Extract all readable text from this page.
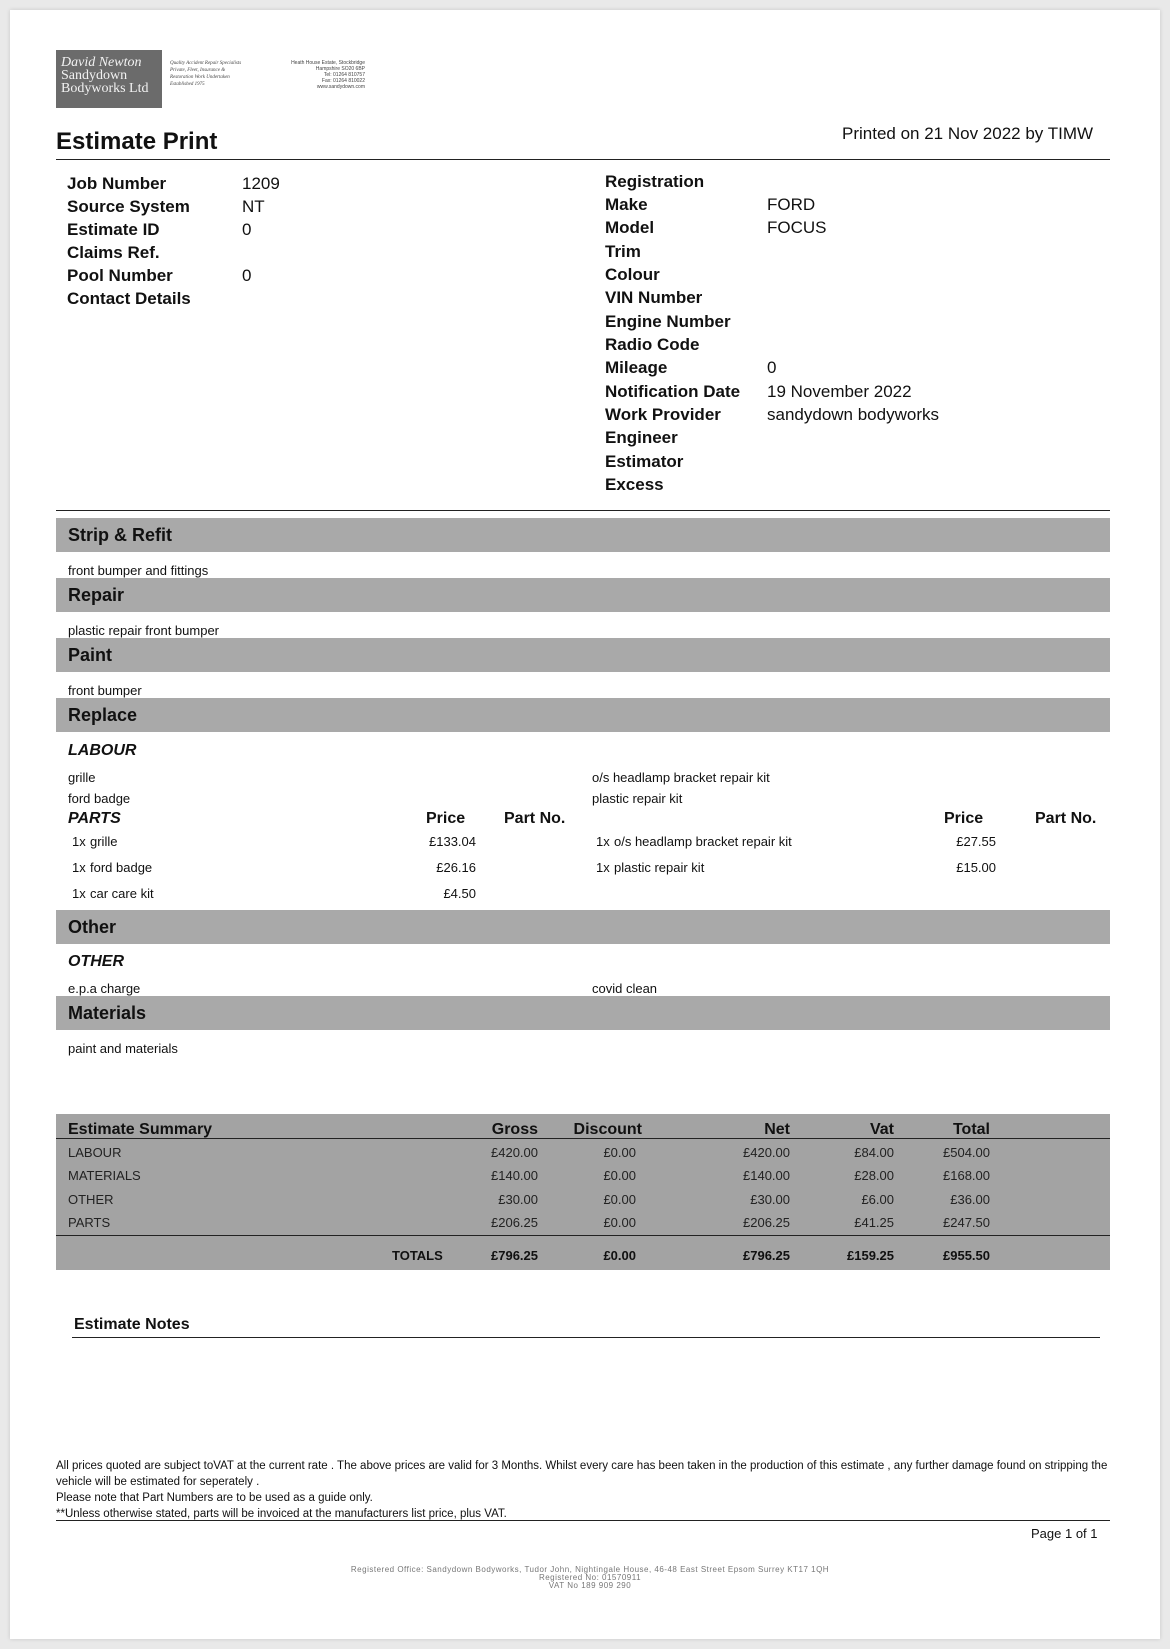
David Newton
Sandydown
Bodyworks Ltd
Quality Accident Repair Specialists
Private, Fleet, Insurance &
Restoration Work Undertaken
Established 1975
Heath House Estate, Stockbridge
Hampshire SO20 6BP
Tel: 01264 810757
Fax: 01264 810022
www.sandydown.com
Estimate Print	Printed on 21 Nov 2022 by TIMW
Job Number	1209
Source System	NT
Estimate ID	0
Claims Ref.
Pool Number	0
Contact Details
Registration
Make	FORD
Model	FOCUS
Trim
Colour
VIN Number
Engine Number
Radio Code
Mileage	0
Notification Date 19 November 2022
Work Provider	sandydown bodyworks
Engineer
Estimator
Excess
Strip & Refit
front bumper and fittings
Repair
plastic repair front bumper
Paint
front bumper
Replace
LABOUR
grille
ford badge
o/s headlamp bracket repair kit
plastic repair kit
PARTS	Price Part No.	Price	Part No.
1x grille	£133.04
1x ford badge	£26.16
1x car care kit	£4.50
1x o/s headlamp bracket repair kit	£27.55
1x plastic repair kit	£15.00
Other
OTHER
e.p.a charge	covid clean
Materials
paint and materials
Estimate Summary	Gross	Discount	Net	Vat	Total
LABOUR	£420.00	£0.00	£420.00	£84.00	£504.00
MATERIALS	£140.00	£0.00	£140.00	£28.00	£168.00
OTHER	£30.00	£0.00	£30.00	£6.00	£36.00
PARTS	£206.25	£0.00	£206.25	£41.25	£247.50
TOTALS	£796.25	£0.00	£796.25	£159.25	£955.50
Estimate Notes
All prices quoted are subject toVAT at the current rate . The above prices are valid for 3 Months. Whilst every care has been taken in the production of this estimate , any further damage found on stripping the vehicle will be estimated for seperately .
Please note that Part Numbers are to be used as a guide only.
**Unless otherwise stated, parts will be invoiced at the manufacturers list price, plus VAT.
Page 1 of 1
Registered Office: Sandydown Bodyworks, Tudor John, Nightingale House, 46-48 East Street Epsom Surrey KT17 1QH
Registered No: 01570911
VAT No 189 909 290
